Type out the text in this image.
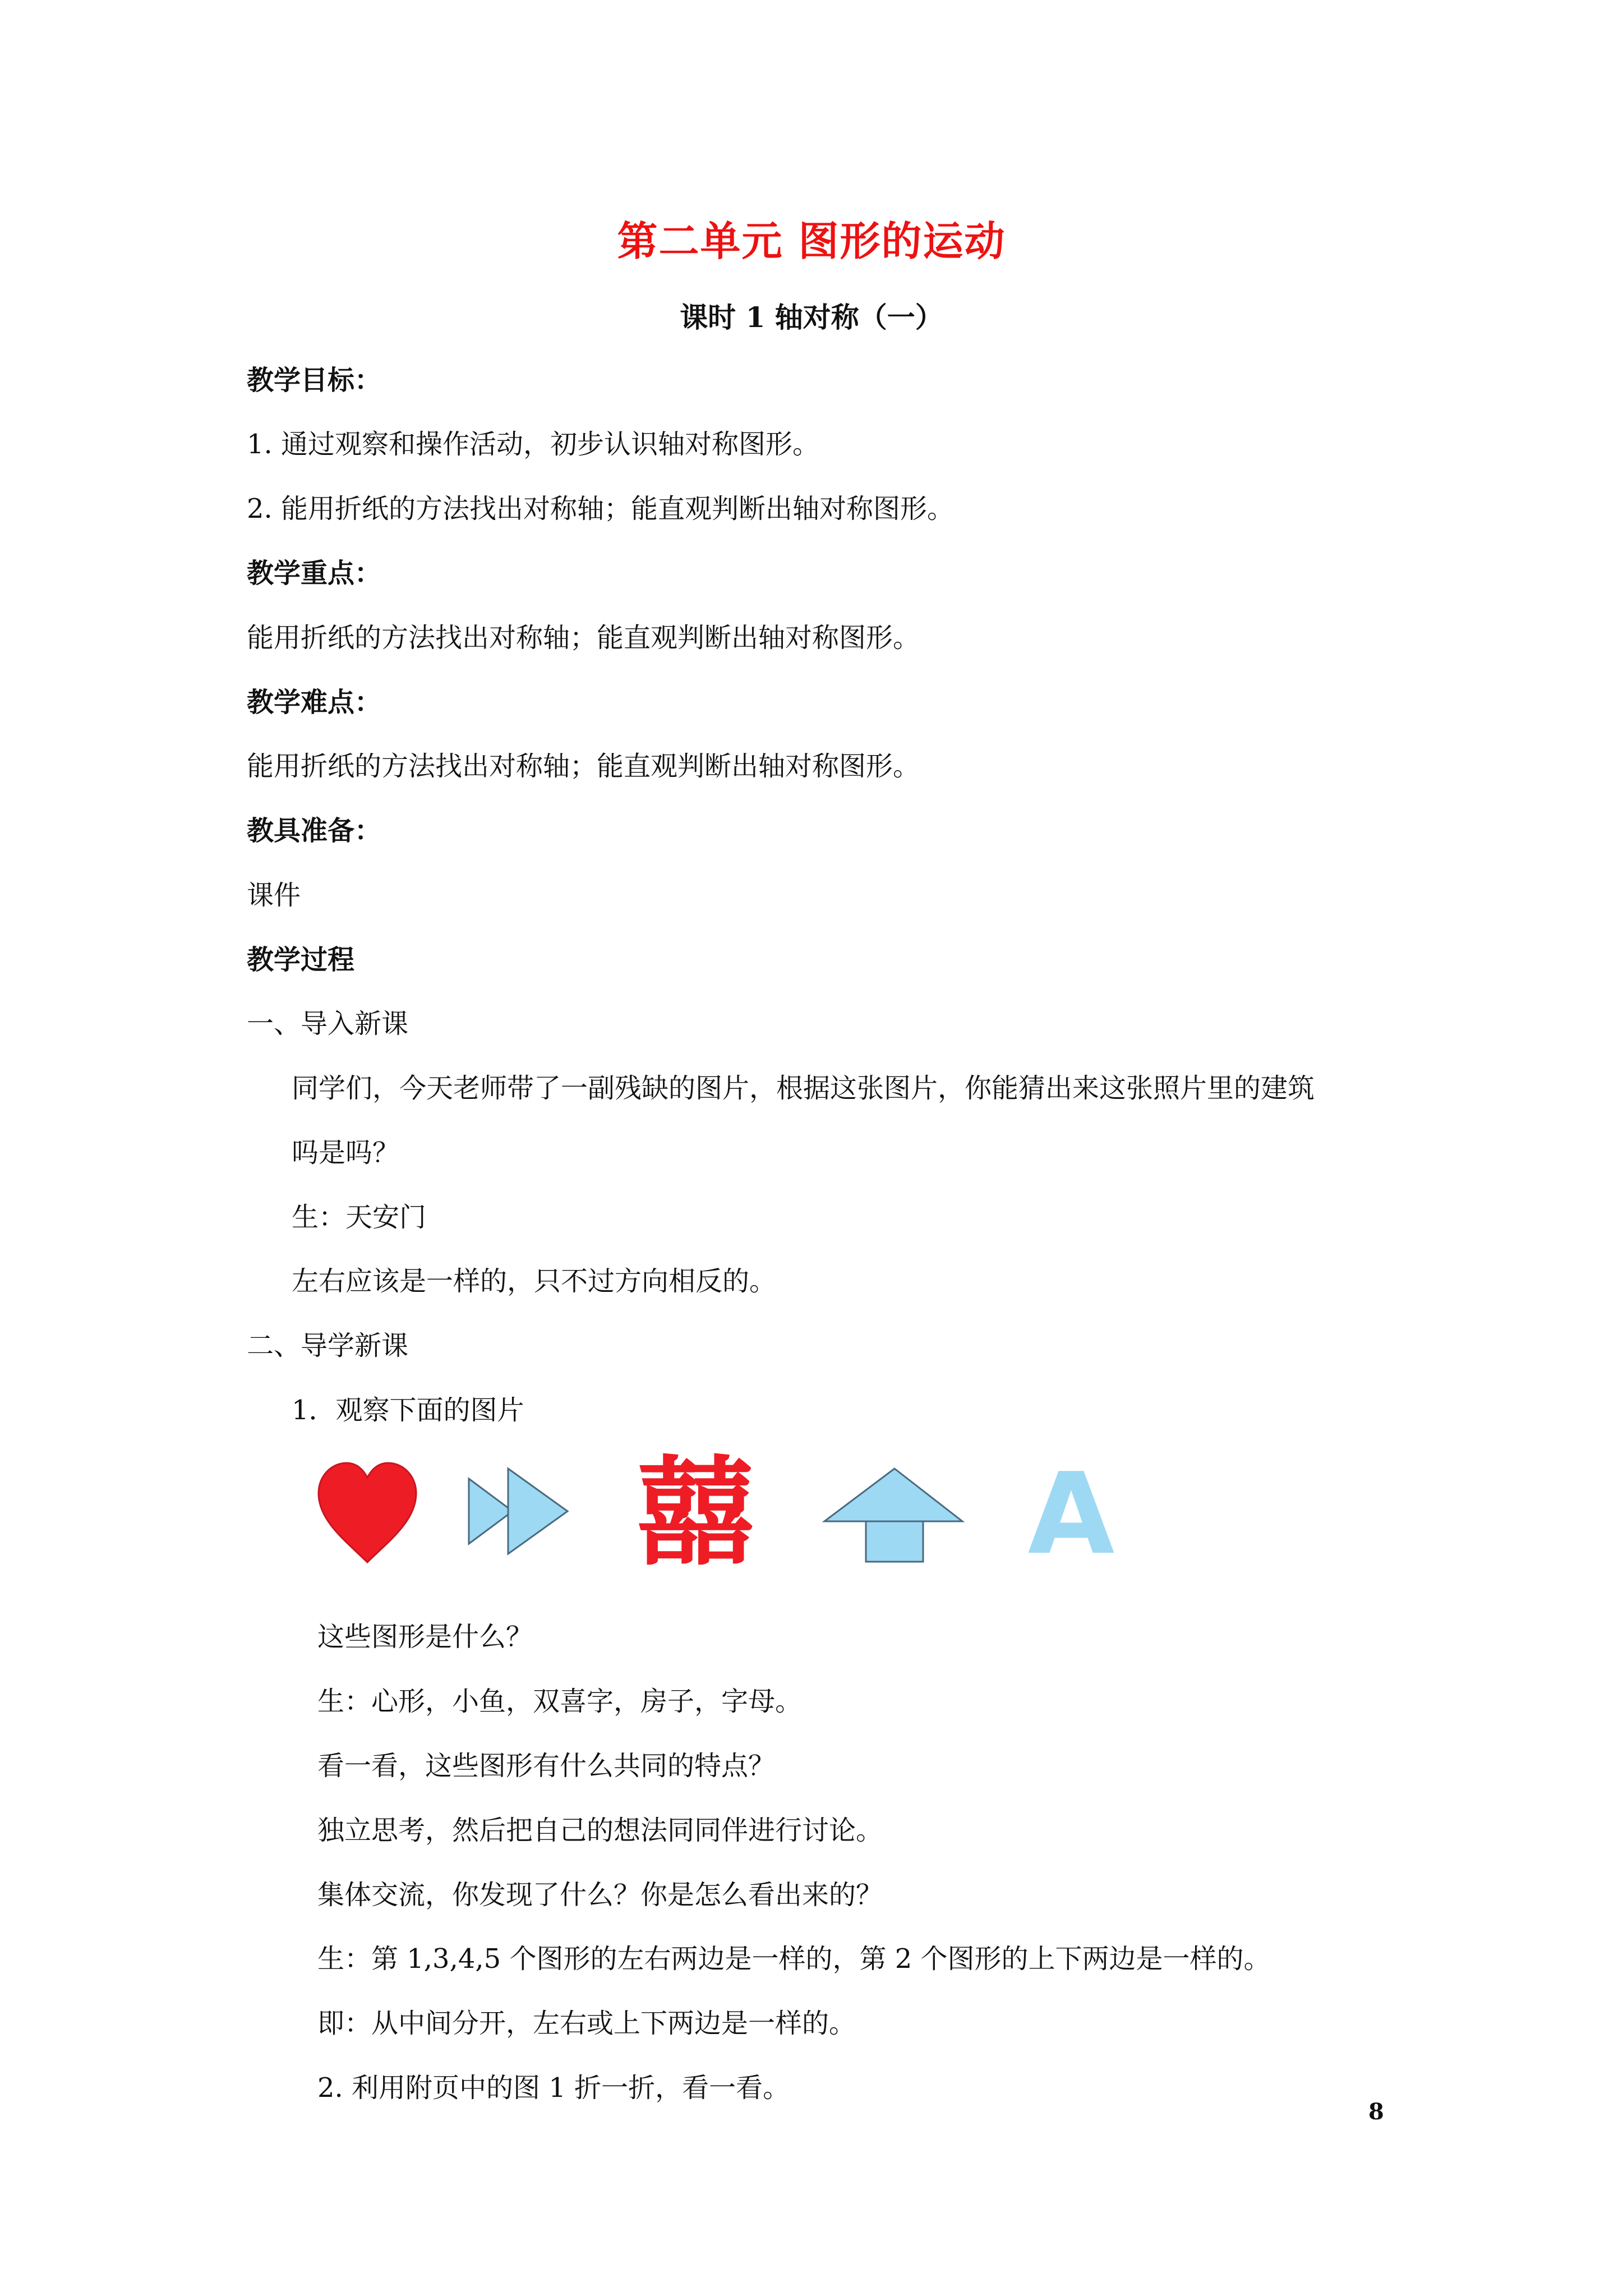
第二单元 图形的运动
课时 1 轴对称（一）
教学目标：
1. 通过观察和操作活动，初步认识轴对称图形。
2. 能用折纸的方法找出对称轴；能直观判断出轴对称图形。
教学重点：
能用折纸的方法找出对称轴；能直观判断出轴对称图形。
教学难点：
能用折纸的方法找出对称轴；能直观判断出轴对称图形。
教具准备：
课件
教学过程
一、导入新课
同学们，今天老师带了一副残缺的图片，根据这张图片，你能猜出来这张照片里的建筑
吗是吗？
生：天安门
左右应该是一样的，只不过方向相反的。
二、导学新课
1．观察下面的图片
囍 A
这些图形是什么？
生：心形，小鱼，双喜字，房子，字母。
看一看，这些图形有什么共同的特点？
独立思考，然后把自己的想法同同伴进行讨论。
集体交流，你发现了什么？你是怎么看出来的？
生：第 1,3,4,5 个图形的左右两边是一样的，第 2 个图形的上下两边是一样的。
即：从中间分开，左右或上下两边是一样的。
2. 利用附页中的图 1 折一折，看一看。
8
